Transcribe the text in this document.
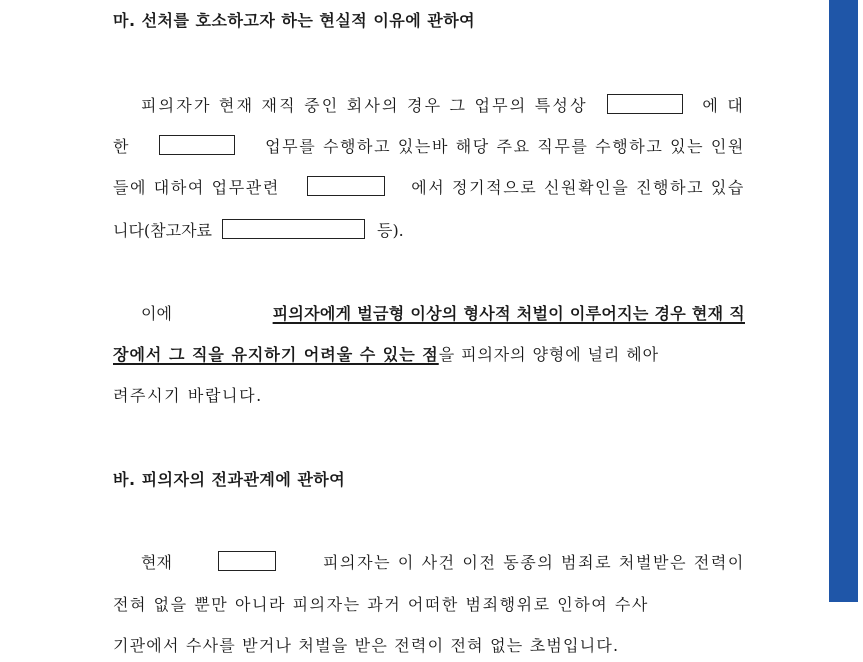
마. 선처를 호소하고자 하는 현실적 이유에 관하여
피의자가 현재 재직 중인 회사의 경우 그 업무의 특성상	에 대
한	업무를 수행하고 있는바 해당 주요 직무를 수행하고 있는 인원
들에 대하여 업무관련	에서 정기적으로 신원확인을 진행하고 있습
니다(참고자료	등).
이에	피의자에게 벌금형 이상의 형사적 처벌이 이루어지는 경우 현재 직
장에서 그 직을 유지하기 어려울 수 있는 점 을 피의자의 양형에 널리 헤아
려주시기 바랍니다.
바. 피의자의 전과관계에 관하여
현재	피의자는 이 사건 이전 동종의 범죄로 처벌받은 전력이
전혀 없을 뿐만 아니라 피의자는 과거 어떠한 범죄행위로 인하여 수사
기관에서 수사를 받거나 처벌을 받은 전력이 전혀 없는 초범입니다.
